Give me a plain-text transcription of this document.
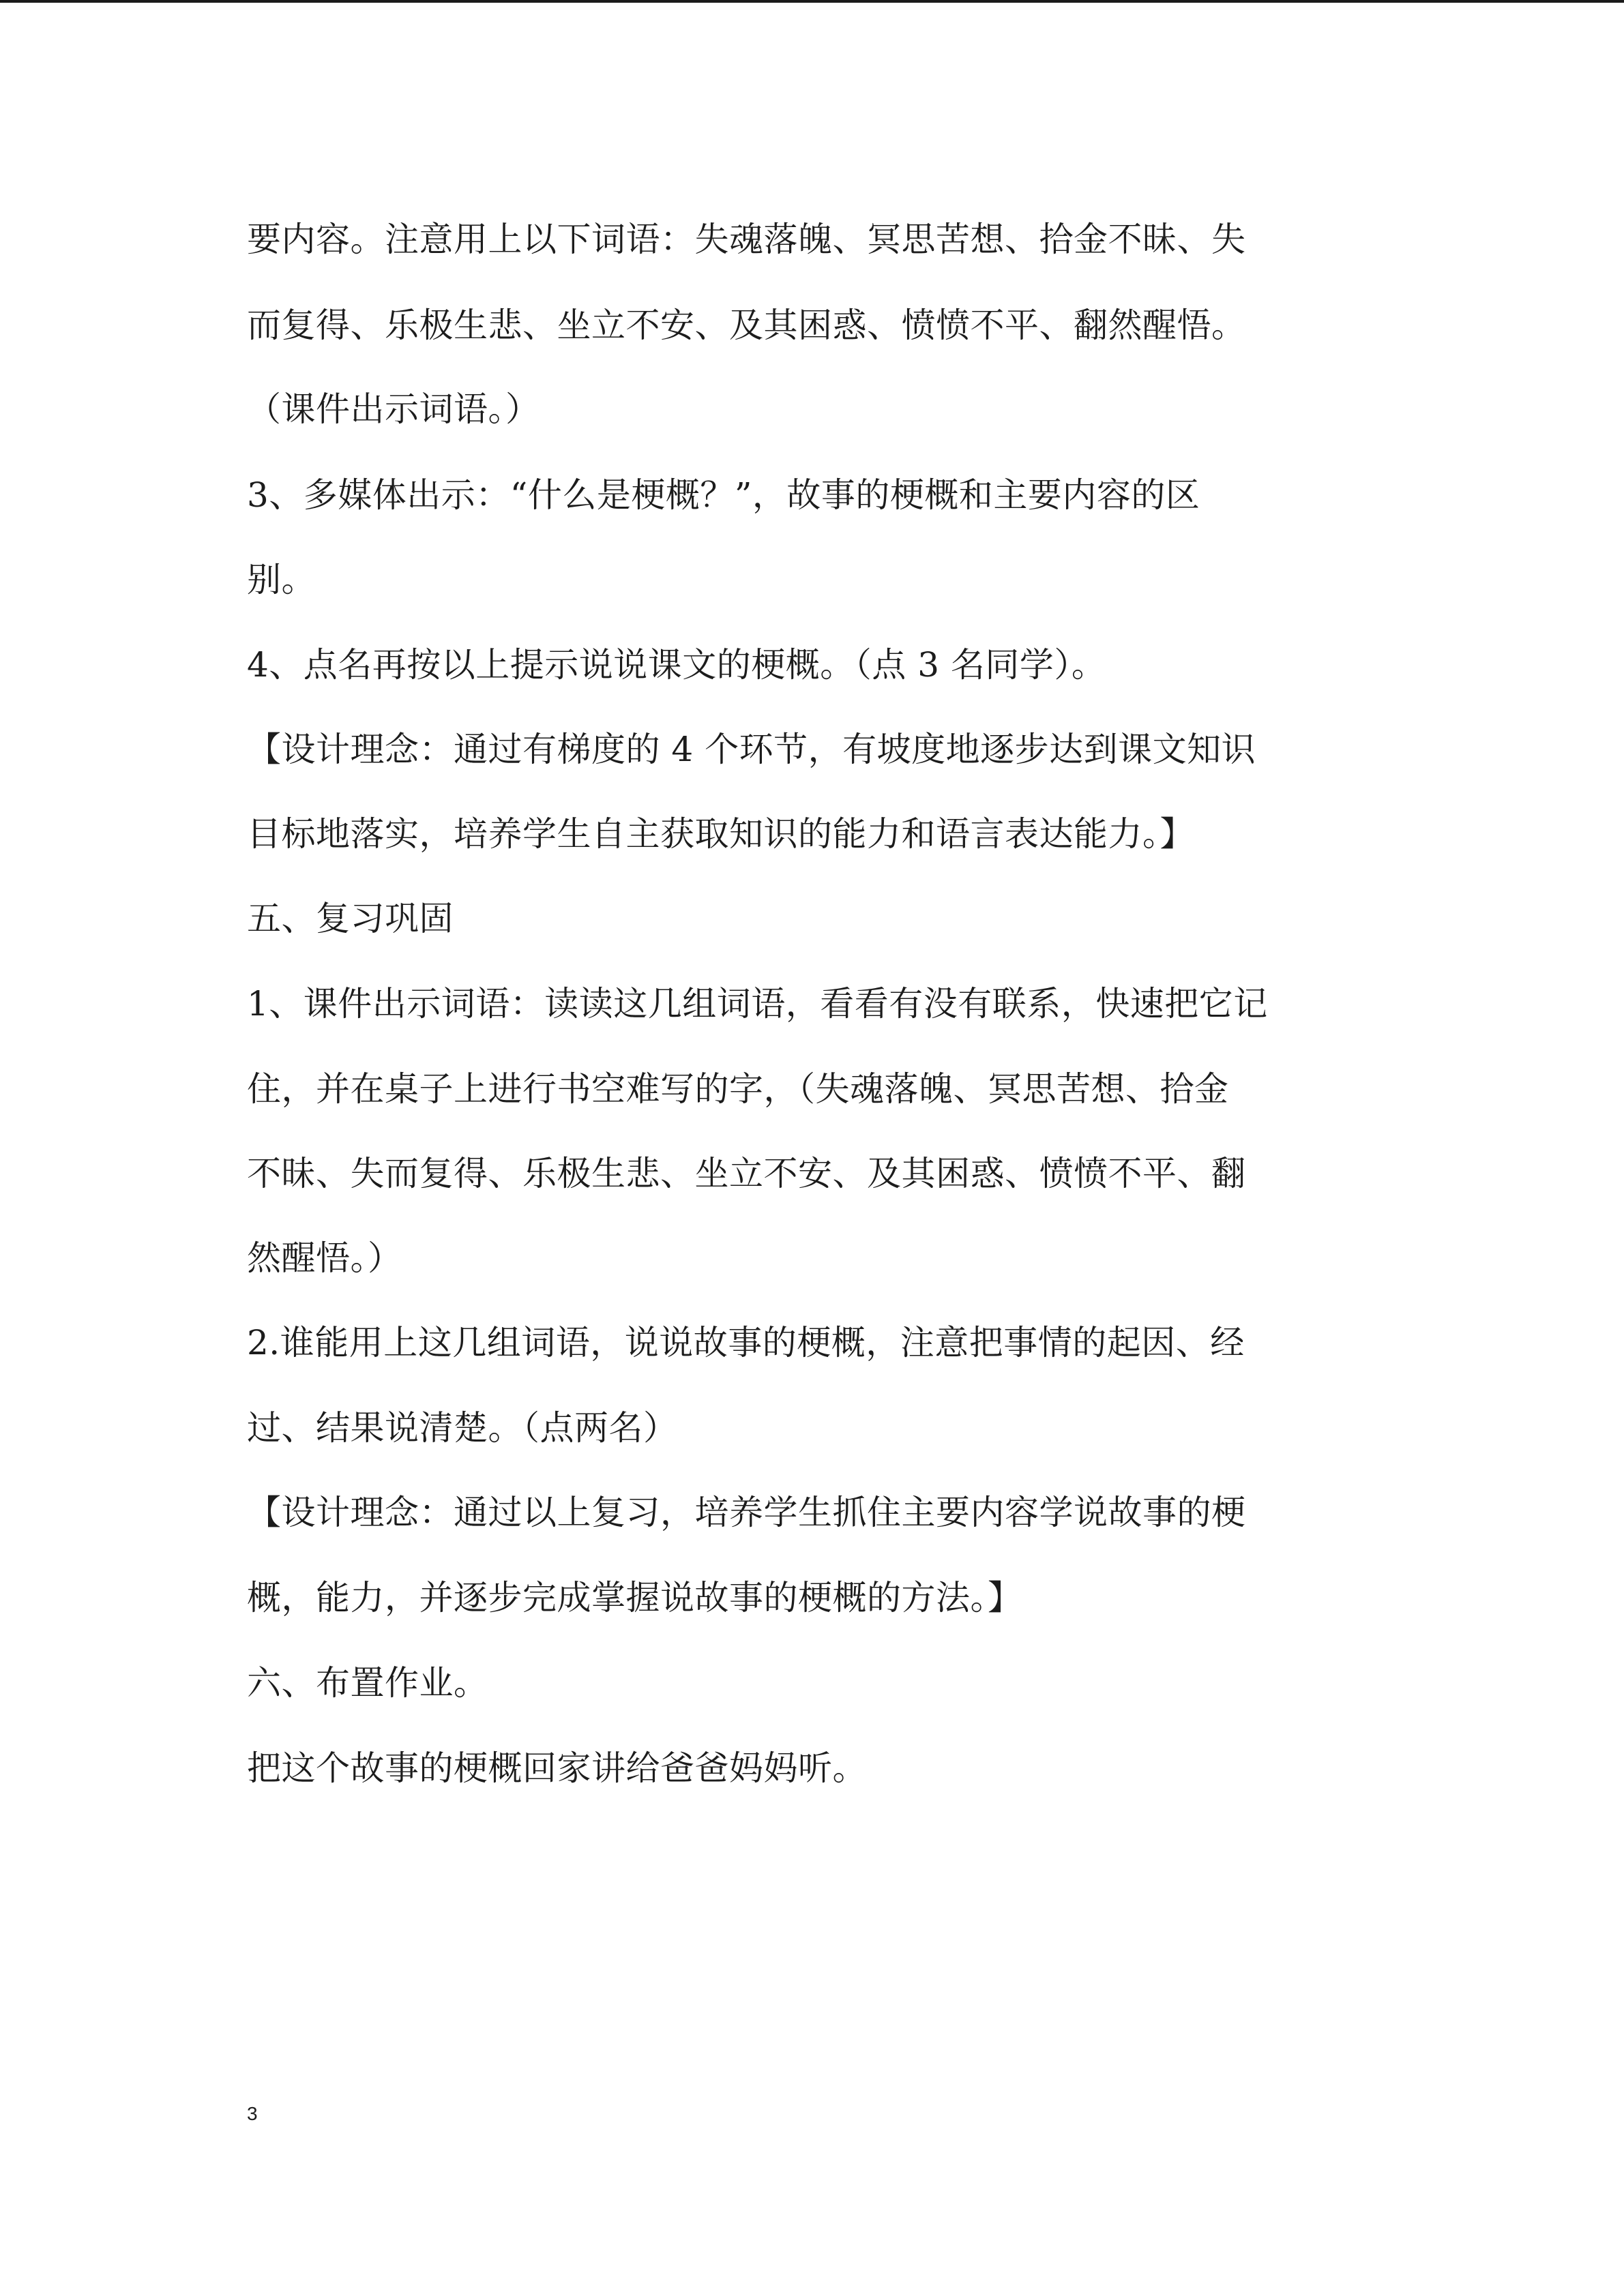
要内容。注意用上以下词语：失魂落魄、冥思苦想、拾金不昧、失
而复得、乐极生悲、坐立不安、及其困惑、愤愤不平、翻然醒悟。
（课件出示词语。）
3、多媒体出示：“什么是梗概？”，故事的梗概和主要内容的区
别。
4、点名再按以上提示说说课文的梗概。（点 3 名同学）。
【设计理念：通过有梯度的 4 个环节，有坡度地逐步达到课文知识
目标地落实，培养学生自主获取知识的能力和语言表达能力。】
五、复习巩固
1、课件出示词语：读读这几组词语，看看有没有联系，快速把它记
住，并在桌子上进行书空难写的字，（失魂落魄、冥思苦想、拾金
不昧、失而复得、乐极生悲、坐立不安、及其困惑、愤愤不平、翻
然醒悟。）
2.谁能用上这几组词语，说说故事的梗概，注意把事情的起因、经
过、结果说清楚。（点两名）
【设计理念：通过以上复习，培养学生抓住主要内容学说故事的梗
概，能力，并逐步完成掌握说故事的梗概的方法。】
六、布置作业。
把这个故事的梗概回家讲给爸爸妈妈听。
3
